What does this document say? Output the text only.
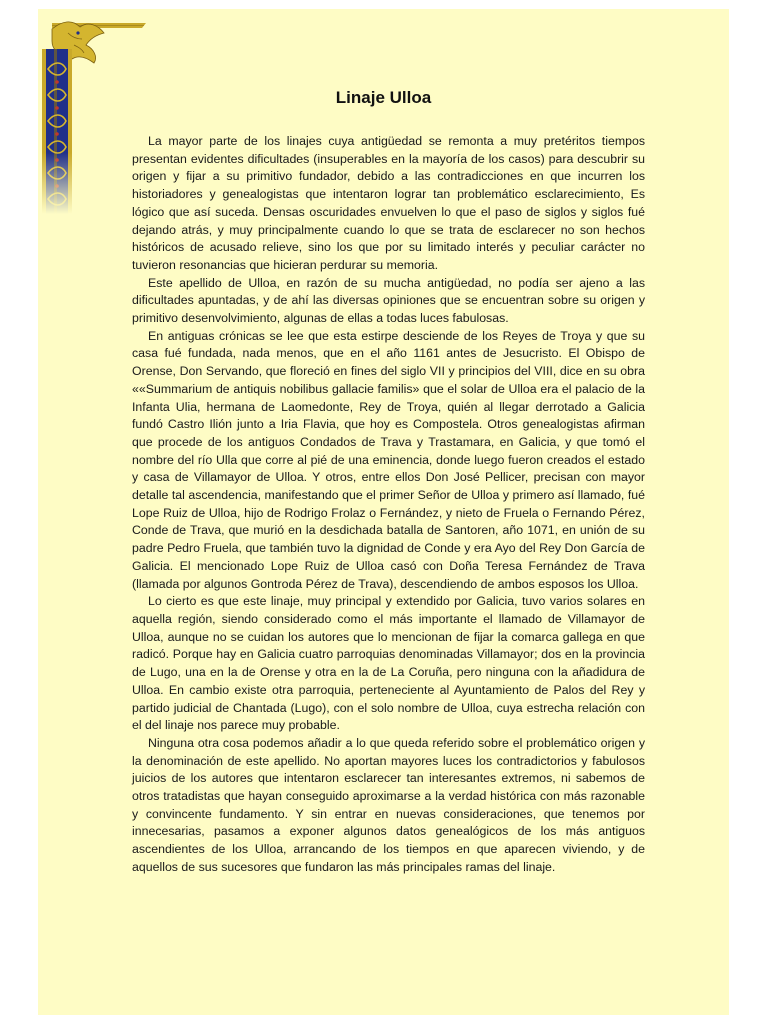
Linaje Ulloa

La mayor parte de los linajes cuya antigüedad se remonta a muy pretéritos tiempos presentan evidentes dificultades (insuperables en la mayoría de los casos) para descubrir su origen y fijar a su primitivo fundador, debido a las contradicciones en que incurren los historiadores y genealogistas que intentaron lograr tan problemático esclarecimiento, Es lógico que así suceda. Densas oscuridades envuelven lo que el paso de siglos y siglos fué dejando atrás, y muy principalmente cuando lo que se trata de esclarecer no son hechos históricos de acusado relieve, sino los que por su limitado interés y peculiar carácter no tuvieron resonancias que hicieran perdurar su memoria.

Este apellido de Ulloa, en razón de su mucha antigüedad, no podía ser ajeno a las dificultades apuntadas, y de ahí las diversas opiniones que se encuentran sobre su origen y primitivo desenvolvimiento, algunas de ellas a todas luces fabulosas.

En antiguas crónicas se lee que esta estirpe desciende de los Reyes de Troya y que su casa fué fundada, nada menos, que en el año 1161 antes de Jesucristo. El Obispo de Orense, Don Servando, que floreció en fines del siglo VII y principios del VIII, dice en su obra ««Summarium de antiquis nobilibus gallacie familis» que el solar de Ulloa era el palacio de la Infanta Ulia, hermana de Laomedonte, Rey de Troya, quién al llegar derrotado a Galicia fundó Castro Ilión junto a Iria Flavia, que hoy es Compostela. Otros genealogistas afirman que procede de los antiguos Condados de Trava y Trastamara, en Galicia, y que tomó el nombre del río Ulla que corre al pié de una eminencia, donde luego fueron creados el estado y casa de Villamayor de Ulloa. Y otros, entre ellos Don José Pellicer, precisan con mayor detalle tal ascendencia, manifestando que el primer Señor de Ulloa y primero así llamado, fué Lope Ruiz de Ulloa, hijo de Rodrigo Frolaz o Fernández, y nieto de Fruela o Fernando Pérez, Conde de Trava, que murió en la desdichada batalla de Santoren, año 1071, en unión de su padre Pedro Fruela, que también tuvo la dignidad de Conde y era Ayo del Rey Don García de Galicia. El mencionado Lope Ruiz de Ulloa casó con Doña Teresa Fernández de Trava (llamada por algunos Gontroda Pérez de Trava), descendiendo de ambos esposos los Ulloa.

Lo cierto es que este linaje, muy principal y extendido por Galicia, tuvo varios solares en aquella región, siendo considerado como el más importante el llamado de Villamayor de Ulloa, aunque no se cuidan los autores que lo mencionan de fijar la comarca gallega en que radicó. Porque hay en Galicia cuatro parroquias denominadas Villamayor; dos en la provincia de Lugo, una en la de Orense y otra en la de La Coruña, pero ninguna con la añadidura de Ulloa. En cambio existe otra parroquia, perteneciente al Ayuntamiento de Palos del Rey y partido judicial de Chantada (Lugo), con el solo nombre de Ulloa, cuya estrecha relación con el del linaje nos parece muy probable.

Ninguna otra cosa podemos añadir a lo que queda referido sobre el problemático origen y la denominación de este apellido. No aportan mayores luces los contradictorios y fabulosos juicios de los autores que intentaron esclarecer tan interesantes extremos, ni sabemos de otros tratadistas que hayan conseguido aproximarse a la verdad histórica con más razonable y convincente fundamento. Y sin entrar en nuevas consideraciones, que tenemos por innecesarias, pasamos a exponer algunos datos genealógicos de los más antiguos ascendientes de los Ulloa, arrancando de los tiempos en que aparecen viviendo, y de aquellos de sus sucesores que fundaron las más principales ramas del linaje.
